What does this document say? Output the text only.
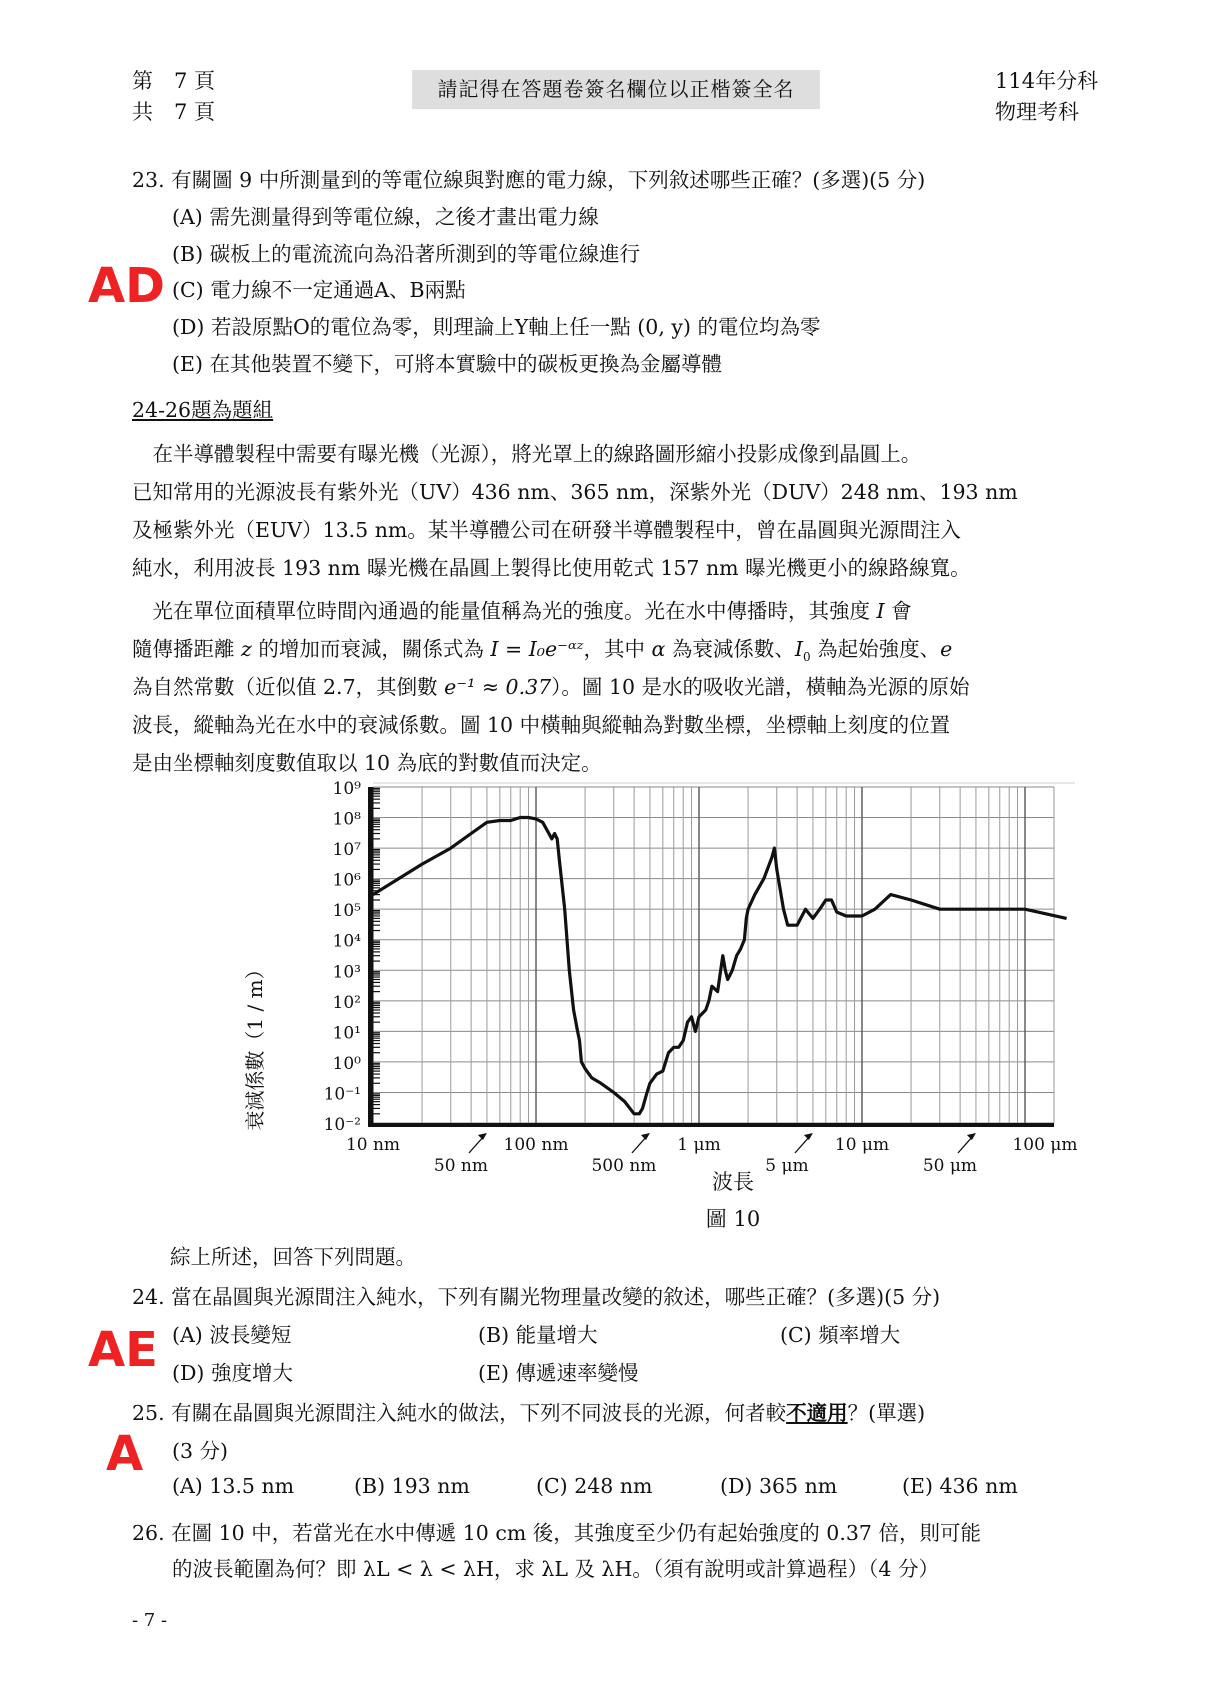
第　7 頁
共　7 頁
請記得在答題卷簽名欄位以正楷簽全名	114年分科
物理考科
23. 有關圖 9 中所測量到的等電位線與對應的電力線，下列敘述哪些正確？(多選)(5 分)
(A) 需先測量得到等電位線，之後才畫出電力線
(B) 碳板上的電流流向為沿著所測到的等電位線進行
(C) 電力線不一定通過A、B兩點
(D) 若設原點O的電位為零，則理論上Y軸上任一點 (0, y) 的電位均為零
(E) 在其他裝置不變下，可將本實驗中的碳板更換為金屬導體
AD
24-26題為題組
　在半導體製程中需要有曝光機（光源），將光罩上的線路圖形縮小投影成像到晶圓上。
已知常用的光源波長有紫外光（UV）436 nm、365 nm，深紫外光（DUV）248 nm、193 nm
及極紫外光（EUV）13.5 nm。某半導體公司在研發半導體製程中，曾在晶圓與光源間注入
純水，利用波長 193 nm 曝光機在晶圓上製得比使用乾式 157 nm 曝光機更小的線路線寬。
　光在單位面積單位時間內通過的能量值稱為光的強度。光在水中傳播時，其強度 I 會
隨傳播距離 z 的增加而衰減，關係式為 I = I₀e⁻ᵅᶻ，其中 α 為衰減係數、$I_0$ 為起始強度、e
為自然常數（近似值 2.7，其倒數 e⁻¹ ≈ 0.37）。圖 10 是水的吸收光譜，橫軸為光源的原始
波長，縱軸為光在水中的衰減係數。圖 10 中橫軸與縱軸為對數坐標，坐標軸上刻度的位置
是由坐標軸刻度數值取以 10 為底的對數值而決定。
10⁹
10⁸
10⁷
10⁶
10⁵
10⁴
10³
10²
10¹
10⁰
10⁻¹
10⁻²
10 nm	100 nm	1 μm	10 μm	100 μm
50 nm	500 nm	5 μm	50 μm
衰減係數（1 / m）
波長
圖 10
綜上所述，回答下列問題。
24. 當在晶圓與光源間注入純水，下列有關光物理量改變的敘述，哪些正確？(多選)(5 分)
(A) 波長變短	(B) 能量增大	(C) 頻率增大
(D) 強度增大	(E) 傳遞速率變慢
AE
25. 有關在晶圓與光源間注入純水的做法，下列不同波長的光源，何者較不適用？(單選)
(3 分)
(A) 13.5 nm	(B) 193 nm	(C) 248 nm	(D) 365 nm	(E) 436 nm
A
26. 在圖 10 中，若當光在水中傳遞 10 cm 後，其強度至少仍有起始強度的 0.37 倍，則可能
的波長範圍為何？即 λL < λ < λH，求 λL 及 λH。（須有說明或計算過程）（4 分）
- 7 -
